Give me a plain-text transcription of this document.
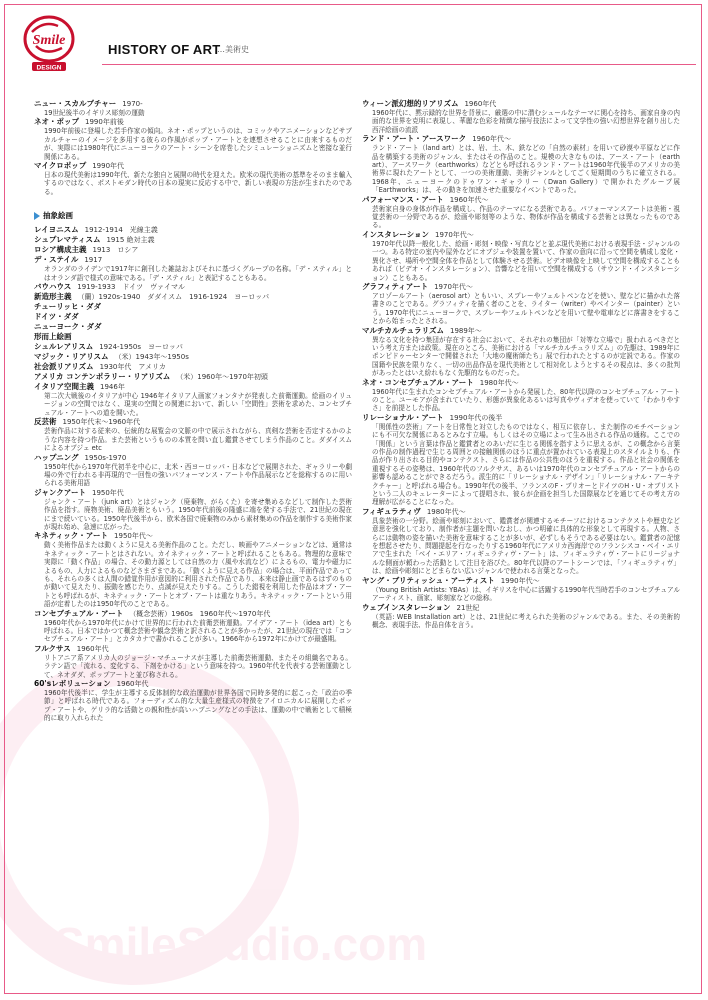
Smile
DESIGN
HISTORY OF ART
…美術史
SmileStudio.com
ニュー・スカルプチャー 1970-
19世紀後半のイギリス彫刻の運動
ネオ・ポップ 1990年前後
1990年前後に登場した若手作家の傾向。ネオ・ポップというのは、コミックやアニメーションなどサブカルチャーのイメージを多用する彼らの作風がポップ・アートとを連想させることに由来するものだが、実際には1980年代にニューヨークのアート・シーンを席巻したシミュレーショニズムと密接な並行関係にある。
マイクロポップ 1990年代
日本の現代美術は1990年代、新たな独自と展開の時代を迎えた。欧米の現代美術の基準をそのまま輸入するのではなく、ポストモダン時代の日本の現実に反応する中で、新しい表現の方法が生まれたのである。
抽象絵画
レイヨニスム 1912-1914　光線主義
シュプレマティスム 1915 絶対主義
ロシア構成主義 1913　ロシア
デ・ステイル 1917
オランダのライデンで1917年に創刊した雑誌およびそれに基づくグループの名称。「デ・スティル」とはオランダ語で様式の意味である。「デ・スティル」と表記することもある。
バウハウス 1919-1933　ドイツ　ヴァイマル
新造形主義 （蘭）1920s-1940　ダダイスム　1916-1924　ヨーロッパ
チューリッヒ・ダダ
ドイツ・ダダ
ニューヨーク・ダダ
形而上絵画
シュルレアリスム 1924-1950s　ヨーロッパ
マジック・リアリスム （米）1943年～1950s
社会派リアリズム 1930年代　アメリカ
アメリカ コンテンポラリー・リアリズム （米）1960年～1970年初頭
イタリア空間主義 1946年
第二次大戦後のイタリアが中心 1946年イタリア人画家フォンタナが発表した前衛運動。絵画のイリュージョンの空間ではなく、現実の空間との関連において、新しい「空間性」芸術を求めた、コンセプチュアル・アートへの道を開いた。
反芸術 1950年代末～1960年代
芸術作品に対する従来の、伝統的な展覧会の文脈の中で展示されながら、真剣な芸術を否定するかのような内容を持つ作品。また芸術というものの本質を問い直し鑑賞させてしまう作品のこと。ダダイスムによるオブジェ etc
ハップニング 1950s-1970
1950年代から1970年代初半を中心に、北米・西ヨーロッパ・日本などで展開された、ギャラリーや劇場の外で行われる非再現的で一回性の強いパフォーマンス・アートや作品展示などを総称するのに用いられる美術用語
ジャンクアート 1950年代
ジャンク・アート（junk art）とはジャンク（廃棄物、がらくた）を寄せ集めるなどして制作した芸術作品を指す。廃物美術、廃品美術ともいう。1950年代前後の隆盛に端を発する手法で、21世紀の現在にまで続いている。1950年代後半から、欧米各国で廃棄物のみから素材集めの作品を制作する美術作家が現れ始め、急速に広がった。
キネティック・アート 1950年代～
動く美術作品または動くように見える美術作品のこと。ただし、映画やアニメーションなどは、通常はキネティック・アートとはされない。カイネティック・アートと呼ばれることもある。物理的な意味で実際に「動く作品」の場合、その動力源としては自然の力（風や水流など）によるもの、電力や磁力によるもの、人力によるものなどさまざまである。「動くように見える作品」の場合は、平面作品であっても、それらの多くは人間の錯覚作用が意図的に利用された作品であり、本来は静止画であるはずのものが動いて見えたり、振動を感じたり、点滅が見えたりする。こうした錯視を利用した作品はオプ・アートとも呼ばれるが、キネティック・アートとオプ・アートは重なりあう。キネティック・アートという用語が定着したのは1950年代のことである。
コンセプチュアル・アート （概念芸術）1960s　1960年代～1970年代
1960年代から1970年代にかけて世界的に行われた前衛芸術運動。アイデア・アート（idea art）とも呼ばれる。日本ではかつて概念芸術や観念芸術と訳されることが多かったが、21世紀の現在では「コンセプチュアル・アート」とカタカナで書かれることが多い。1966年から1972年にかけてが最盛期。
フルクサス 1960年代
リトアニア系アメリカ人のジョージ・マチューナスが主導した前衛芸術運動、またその組織名である。ラテン語で「流れる、変化する、下剤をかける」という意味を持つ。1960年代を代表する芸術運動として、ネオダダ、ポップアートと並び称される。
60'sレボリューション 1960年代
1960年代後半に、学生が主導する反体制的な政治運動が世界各国で同時多発的に起こった「政治の季節」と呼ばれる時代である。フォーディズム的な大量生産様式の特徴をアイロニカルに展開したポップ・アートや、ゲリラ的な活動との親和性が高いハプニングなどの手法は、運動の中で戦術として積極的に取り入れられた
ウィーン派幻想的リアリズム 1960年代
1960年代に、黙示録的な世界を背景に、厳選の中に潜むシュールなテーマに関心を持ち、画家自身の内面的な世界を克明に表現し、華麗な色彩を精緻な描写技法によって文学性の強い幻想世界を創り出した西洋絵画の流派
ランド・アート・アースワーク 1960年代～
ランド・アート（land art）とは、岩、土、木、鉄などの「自然の素材」を用いて砂漠や平原などに作品を構築する美術のジャンル、またはその作品のこと。規模の大きなものは、アース・アート（earth art）、アースワーク（earthworks）などとも呼ばれるランド・アートは1960年代後半のアメリカの美術界に現れたアートとして、一つの美術運動、美術ジャンルとしてごく短期間のうちに確立される。1968年、ニューヨークのドゥワン・ギャラリー（Dwan Gallery）で開かれたグループ展「Earthworks」は、その動きを加速させた重要なイベントであった。
パフォーマンス・アート 1960年代～
芸術家自身の身体が作品を構成し、作品のテーマになる芸術である。パフォーマンスアートは美術・視覚芸術の一分野であるが、絵画や彫刻等のような、物体が作品を構成する芸術とは異なったものである。
インスタレーション 1970年代～
1970年代以降一般化した、絵画・彫刻・映像・写真などと並ぶ現代美術における表現手法・ジャンルの一つ。ある特定の室内や屋外などにオブジェや装置を置いて、作家の意向に沿って空間を構成し変化・異化させ、場所や空間全体を作品として体験させる芸術。ビデオ映像を上映して空間を構成することもあれば（ビデオ・インスタレーション）、音響などを用いて空間を構成する（サウンド・インスタレーション）こともある。
グラフィティアート 1970年代～
アロゾールアート（aerosol art）ともいい、スプレーやフェルトペンなどを使い、壁などに描かれた落書きのことである。グラフィティを描く者のことを、ライター（writer）やペインター（painter）という。1970年代にニューヨークで、スプレーやフェルトペンなどを用いて壁や電車などに落書きをすることから始まったとされる。
マルチカルチュラリズム 1989年～
異なる文化を持つ集団が存在する社会において、それぞれの集団が「対等な立場で」扱われるべきだという考え方または政策。現在のところ、美術における「マルチカルチュラリズム」の先駆は、1989年にポンピドゥーセンターで開催された「大地の魔術師たち」展で行われたとするのが定説である。作家の国籍や民族を限りなく、一切の出品作品を現代美術として相対化しようとするその視点は、多くの批判があったとはいえ紛れもなく先駆的なものだった。
ネオ・コンセプチュアル・アート 1980年代～
1960年代に生まれたコンセプチュアル・アートから発展した、80年代以降のコンセプチュアル・アートのこと。ユーモアが含まれていたり、形態が異象化あるいは写真やヴィデオを使っていて「わかりやすさ」を前提とした作品。
リレーショナル・アート 1990年代の後半
「関係性の芸術」アートを日常性と対立したものではなく、相互に依存し、また制作のモチベーションにも不可欠な関係にあるとみなす立場。もしくはその立場によって生み出される作品の通称。ここでの「関係」という言葉は作品と鑑賞者とのあいだに生じる関係を指すように思えるが、この概念から言葉の作品の制作過程で生じる周囲との接触関係のほうに重点が置かれている表現上のスタイルよりも、作品が作り出される目的やコンテクスト、さらには作品の公共性のほうを重視する。作品と社会の関係を重視するその姿勢は、1960年代のフルクサス、あるいは1970年代のコンセプチュアル・アートからの影響も認めることができるだろう。派生的に「リレーショナル・デザイン」「リレーショナル・アーキテクチャー」と呼ばれる場合も。1990年代の後半、フランスのF・ブリオーとドイツのH・U・オブリストという二人のキュレーターによって提唱され、彼らが企画を担当した国際展などを通じてその考え方の理解が広がることになった。
フィギュラティヴ 1980年代～
具象芸術の一分野。絵画や彫刻において、鑑賞者が関連するモチーフにおけるコンテクストや歴史など意思を強化しており、制作者が主題を問いなおし、かつ明確に具体的な形象として再現する。人物、さらには動物の姿を描いた美術を意味することが多いが、必ずしもそうである必要はない。鑑賞者の記憶を想起させたり、問題提起を行なったりする1960年代にアメリカ西海岸でのフランシスコ・ベイ・エリアで生まれた「ベイ・エリア・フィギュラティヴ・アート」は、フィギュラティヴ・アートにリージョナルな側面が頼わった活動として注目を浴びた。80年代以降のアートシーンでは、「フィギュラティヴ」は、絵画や彫刻にとどまらない広いジャンルで使われる言葉となった。
ヤング・ブリティッシュ・アーティスト 1990年代～
（Young British Artists: YBAs）は、イギリスを中心に活躍する1990年代当時若手のコンセプチュアルアーティスト、画家、彫刻家などの総称。
ウェブインスタレーション 21世紀
（英語: WEB Installation art）とは、21世紀に考えられた美術のジャンルである。また、その美術的概念、表現手法、作品自体を言う。
